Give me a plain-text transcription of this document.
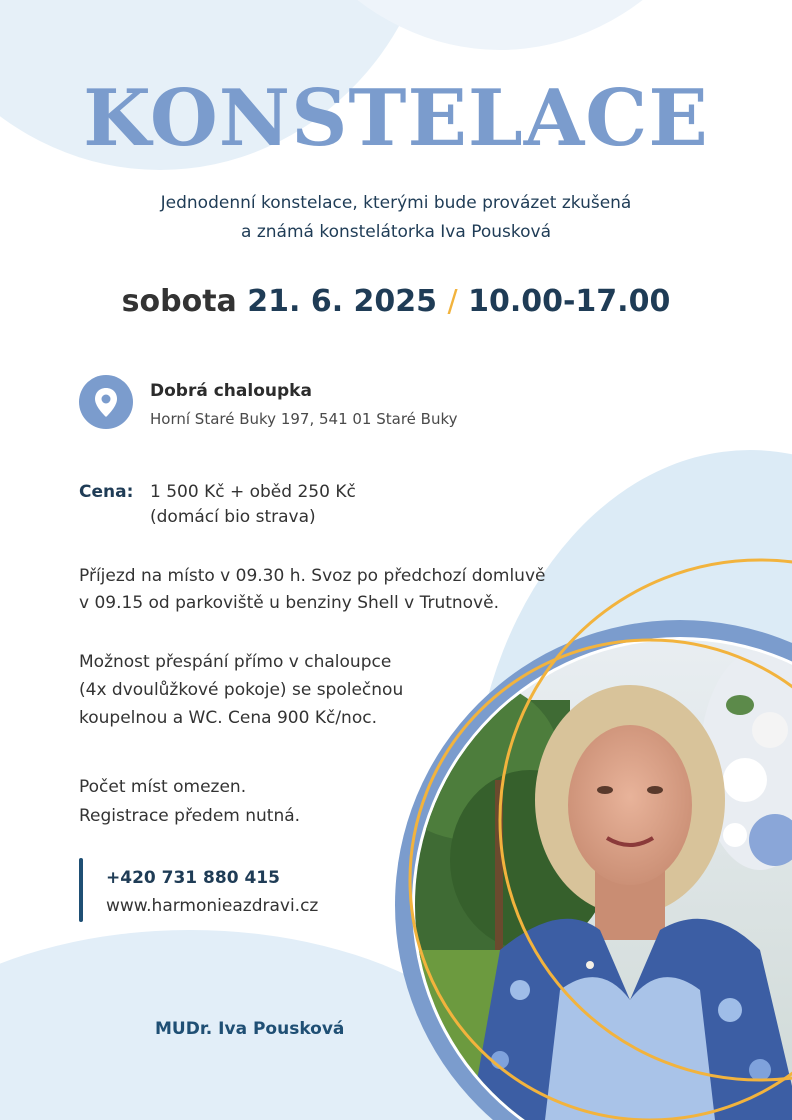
KONSTELACE
Jednodenní konstelace, kterými bude provázet zkušená
a známá konstelátorka Iva Pousková
sobota 21. 6. 2025 / 10.00-17.00
Dobrá chaloupka
Horní Staré Buky 197, 541 01 Staré Buky
Cena: 1 500 Kč + oběd 250 Kč
(domácí bio strava)
Příjezd na místo v 09.30 h. Svoz po předchozí domluvě
v 09.15 od parkoviště u benziny Shell v Trutnově.
Možnost přespání přímo v chaloupce
(4x dvoulůžkové pokoje) se společnou
koupelnou a WC. Cena 900 Kč/noc.
Počet míst omezen.
Registrace předem nutná.
+420 731 880 415
www.harmonieazdravi.cz
MUDr. Iva Pousková
